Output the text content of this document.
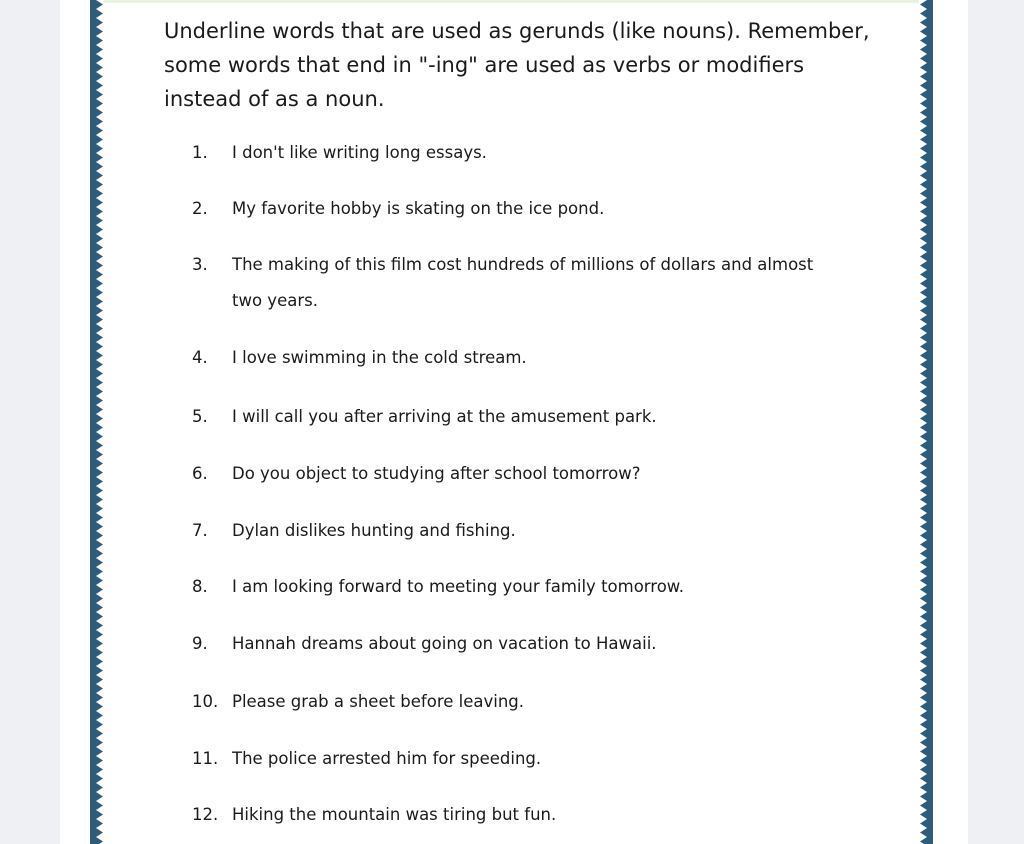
Underline words that are used as gerunds (like nouns). Remember, some words that end in "-ing" are used as verbs or modifiers instead of as a noun.

1. I don't like writing long essays.
2. My favorite hobby is skating on the ice pond.
3. The making of this film cost hundreds of millions of dollars and almost
two years.
4. I love swimming in the cold stream.
5. I will call you after arriving at the amusement park.
6. Do you object to studying after school tomorrow?
7. Dylan dislikes hunting and fishing.
8. I am looking forward to meeting your family tomorrow.
9. Hannah dreams about going on vacation to Hawaii.
10. Please grab a sheet before leaving.
11. The police arrested him for speeding.
12. Hiking the mountain was tiring but fun.
